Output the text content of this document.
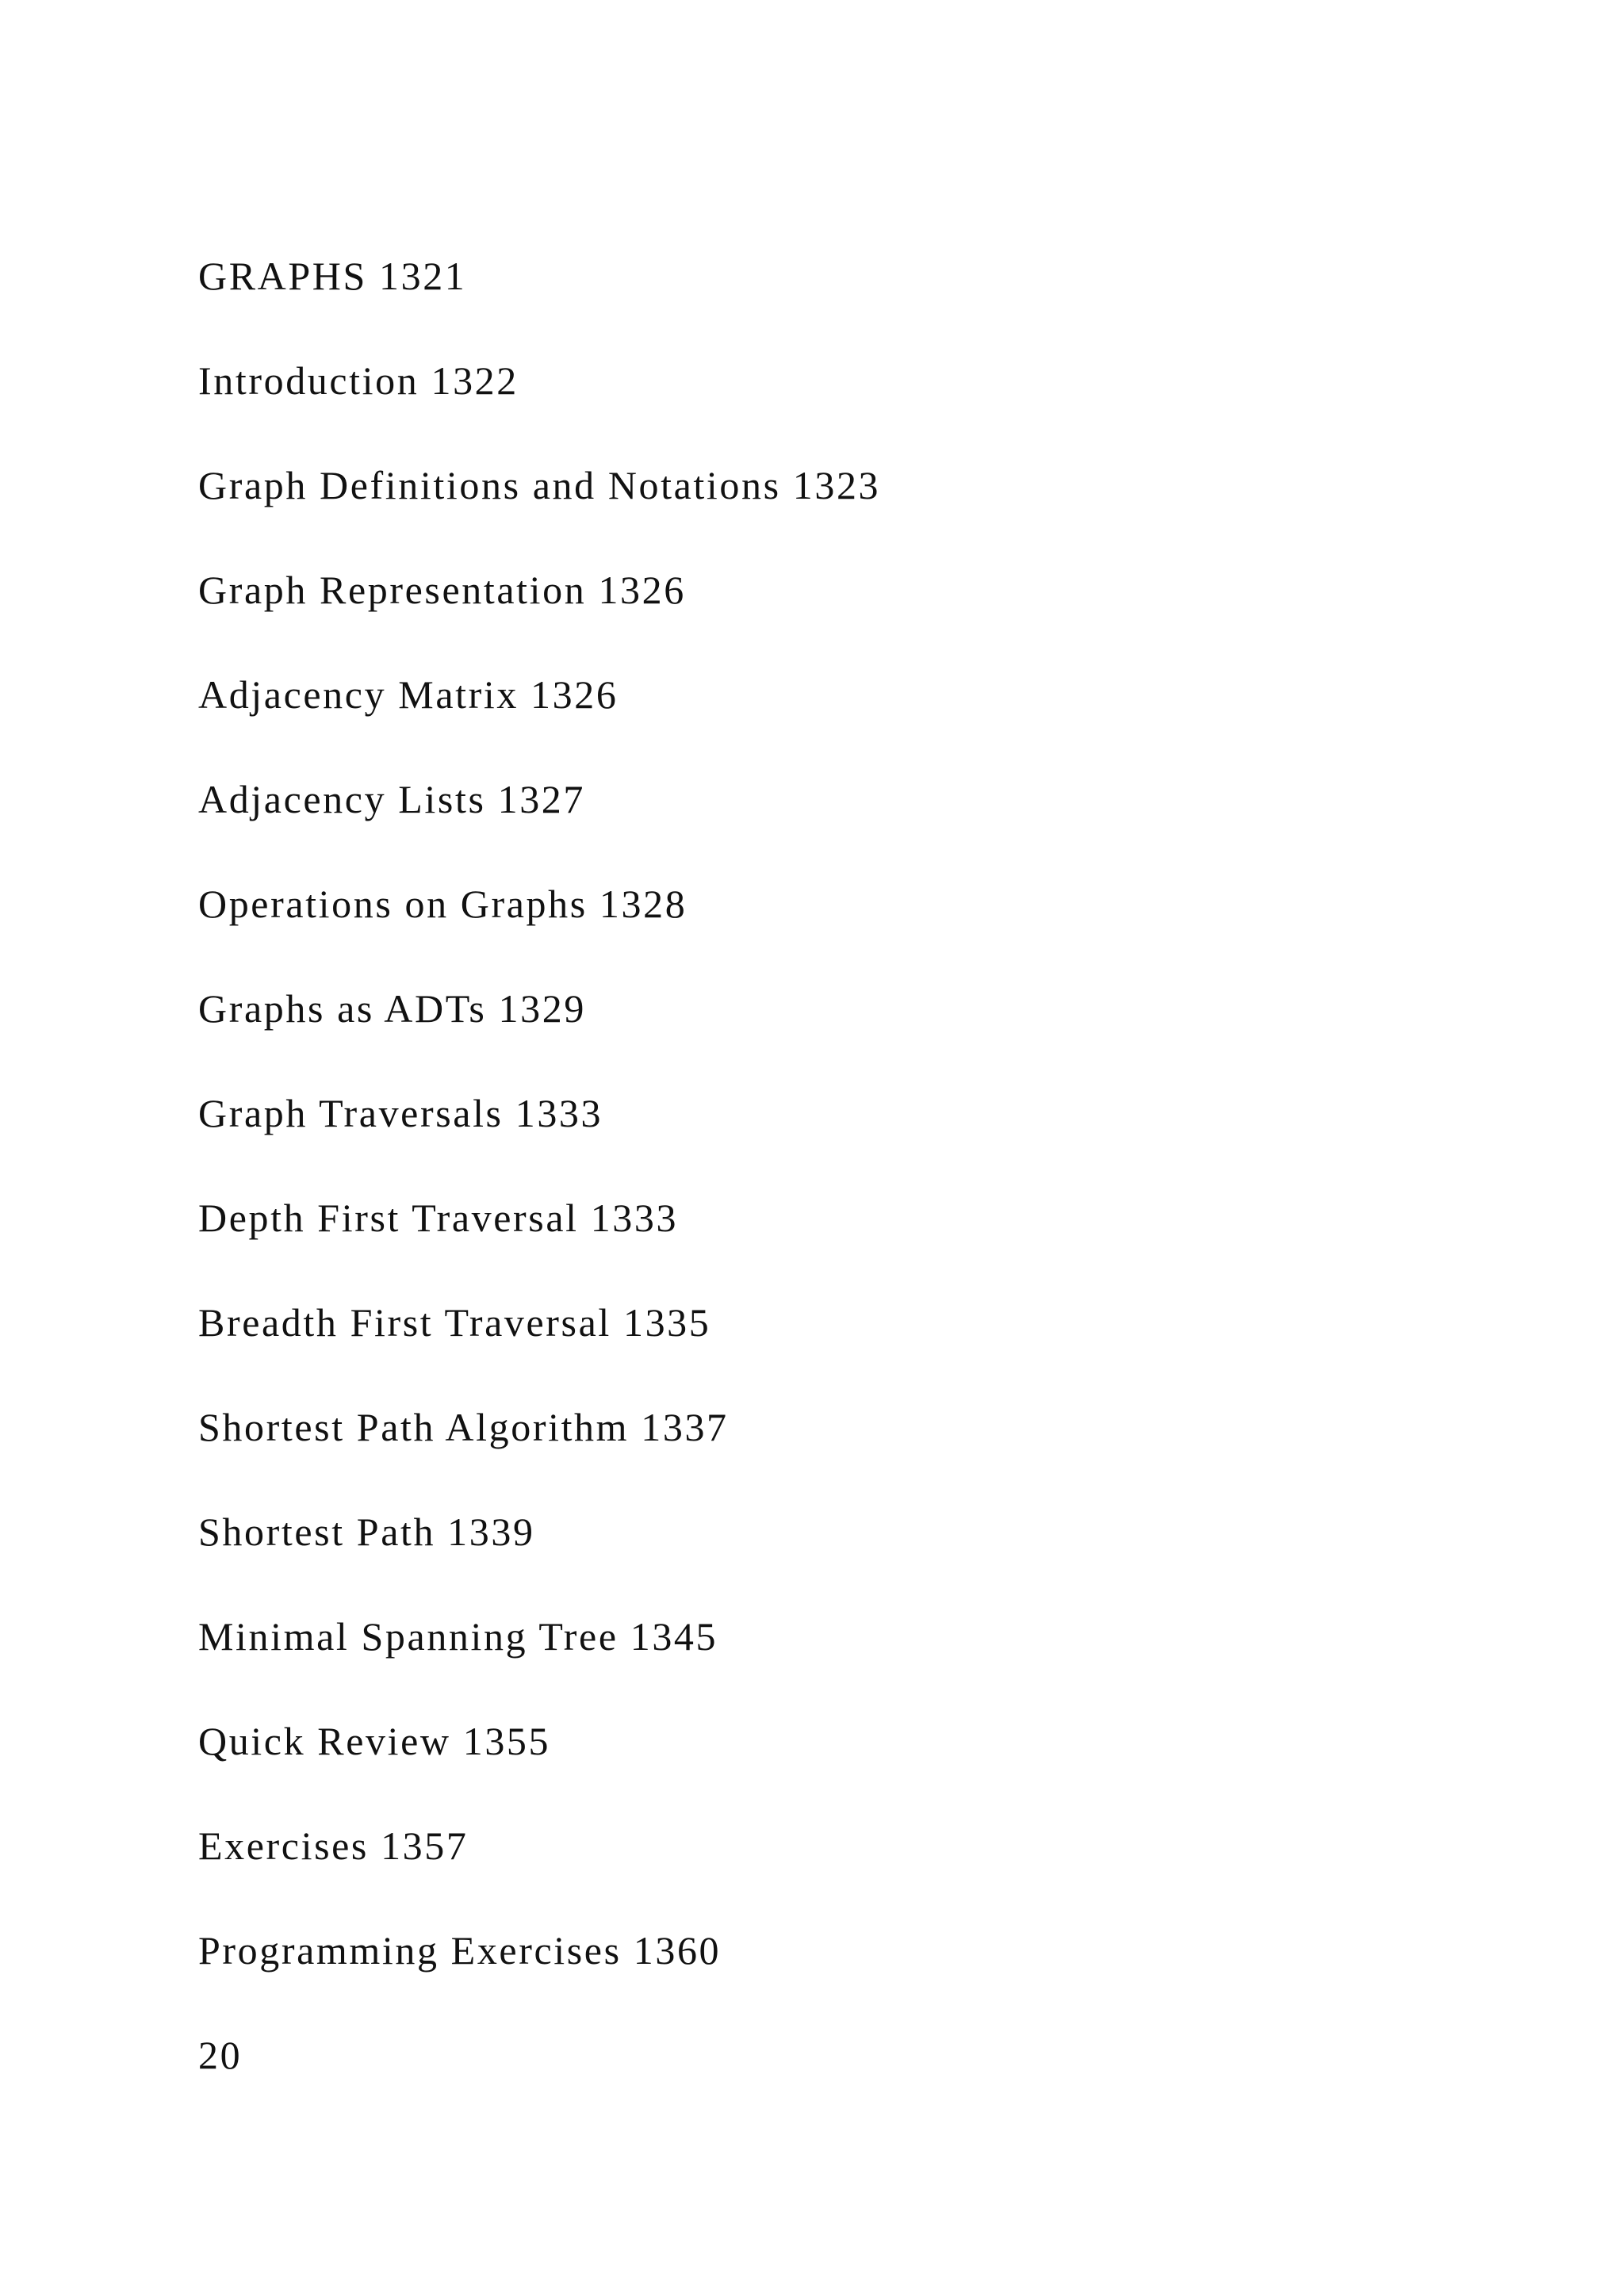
GRAPHS 1321
Introduction 1322
Graph Definitions and Notations 1323
Graph Representation 1326
Adjacency Matrix 1326
Adjacency Lists 1327
Operations on Graphs 1328
Graphs as ADTs 1329
Graph Traversals 1333
Depth First Traversal 1333
Breadth First Traversal 1335
Shortest Path Algorithm 1337
Shortest Path 1339
Minimal Spanning Tree 1345
Quick Review 1355
Exercises 1357
Programming Exercises 1360
20
